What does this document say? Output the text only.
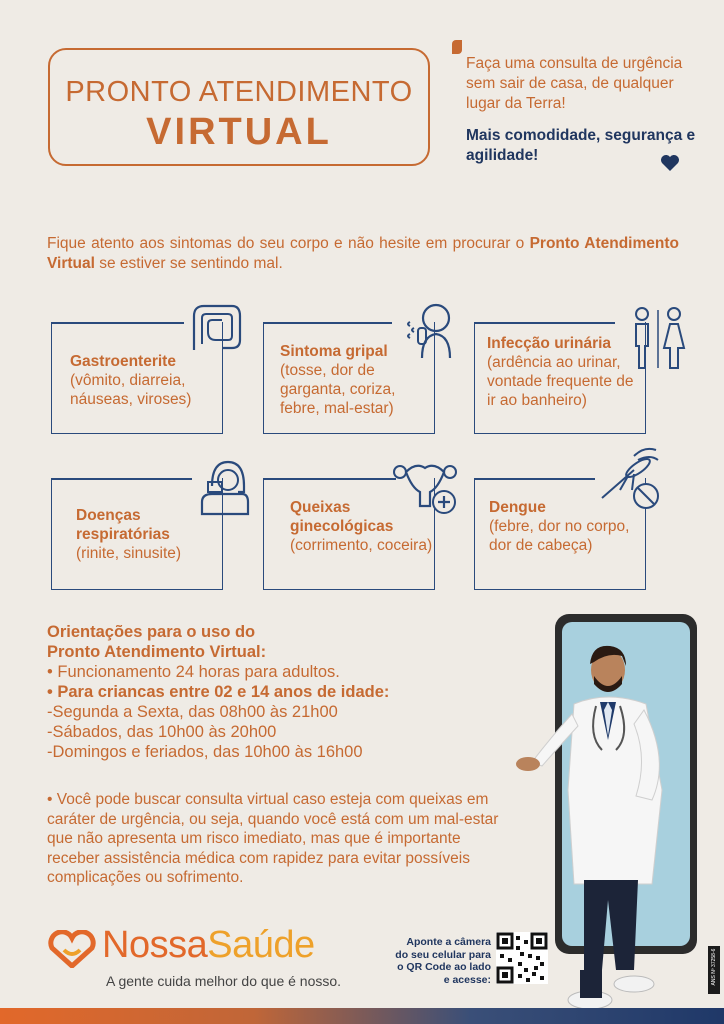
PRONTO ATENDIMENTO
VIRTUAL
Faça uma consulta de urgência sem sair de casa, de qualquer lugar da Terra!
Mais comodidade, segurança e agilidade!
Fique atento aos sintomas do seu corpo e não hesite em procurar o Pronto Atendimento Virtual se estiver se sentindo mal.
Gastroenterite
(vômito, diarreia, náuseas, viroses)
Sintoma gripal
(tosse, dor de garganta, coriza, febre, mal-estar)
Infecção urinária
(ardência ao urinar, vontade frequente de ir ao banheiro)
Doenças respiratórias
(rinite, sinusite)
Queixas ginecológicas
(corrimento, coceira)
Dengue
(febre, dor no corpo, dor de cabeça)
Orientações para o uso do Pronto Atendimento Virtual:
• Funcionamento 24 horas para adultos.
• Para criancas entre 02 e 14 anos de idade:
-Segunda a Sexta, das 08h00 às 21h00
-Sábados, das 10h00 às 20h00
-Domingos e feriados, das 10h00 às 16h00
• Você pode buscar consulta virtual caso esteja com queixas em caráter de urgência, ou seja, quando você está com um mal-estar que não apresenta um risco imediato, mas que é importante receber assistência médica com rapidez para evitar possíveis complicações ou sofrimento.
NossaSaúde
A gente cuida melhor do que é nosso.
Aponte a câmera do seu celular para o QR Code ao lado e acesse:	ANS Nº 37258-6
